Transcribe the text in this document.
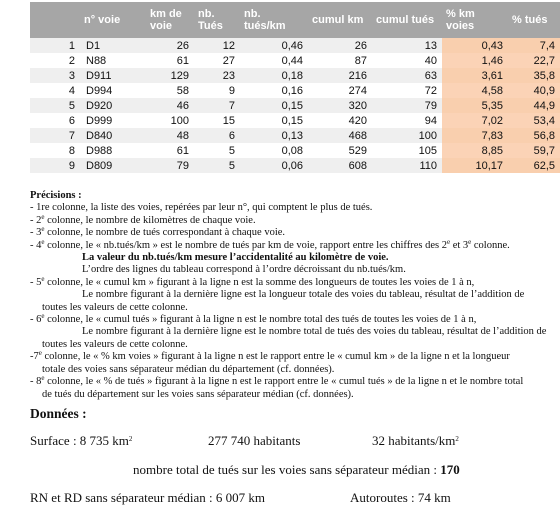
	n° voie	km de voie	nb. Tués	nb. tués/km	cumul km	cumul tués	% km voies	% tués
1	D1	26	12	0,46	26	13	0,43	7,4
2	N88	61	27	0,44	87	40	1,46	22,7
3	D911	129	23	0,18	216	63	3,61	35,8
4	D994	58	9	0,16	274	72	4,58	40,9
5	D920	46	7	0,15	320	79	5,35	44,9
6	D999	100	15	0,15	420	94	7,02	53,4
7	D840	48	6	0,13	468	100	7,83	56,8
8	D988	61	5	0,08	529	105	8,85	59,7
9	D809	79	5	0,06	608	110	10,17	62,5
Précisions :
- 1re colonne, la liste des voies, repérées par leur n°, qui comptent le plus de tués.
- 2e colonne, le nombre de kilomètres de chaque voie.
- 3e colonne, le nombre de tués correspondant à chaque voie.
- 4e colonne, le « nb.tués/km » est le nombre de tués par km de voie, rapport entre les chiffres des 2e et 3e colonne.
La valeur du nb.tués/km mesure l’accidentalité au kilomètre de voie.
L’ordre des lignes du tableau correspond à l’ordre décroissant du nb.tués/km.
- 5e colonne, le « cumul km » figurant à la ligne n est la somme des longueurs de toutes les voies de 1 à n,
Le nombre figurant à la dernière ligne est la longueur totale des voies du tableau, résultat de l’addition de
toutes les valeurs de cette colonne.
- 6e colonne, le « cumul tués » figurant à la ligne n est le nombre total des tués de toutes les voies de 1 à n,
Le nombre figurant à la dernière ligne est le nombre total de tués des voies du tableau, résultat de l’addition de
toutes les valeurs de cette colonne.
-7e colonne, le « % km voies » figurant à la ligne n est le rapport entre le « cumul km » de la ligne n et la longueur
totale des voies sans séparateur médian du département (cf. données).
- 8e colonne, le « % de tués » figurant à la ligne n est le rapport entre le « cumul tués » de la ligne n et le nombre total
de tués du département sur les voies sans séparateur médian (cf. données).
Données :
Surface : 8 735 $km^2$	277 740 habitants	32 habitants/$km^2$
nombre total de tués sur les voies sans séparateur médian : 170
RN et RD sans séparateur médian : 6 007 km	Autoroutes : 74 km
